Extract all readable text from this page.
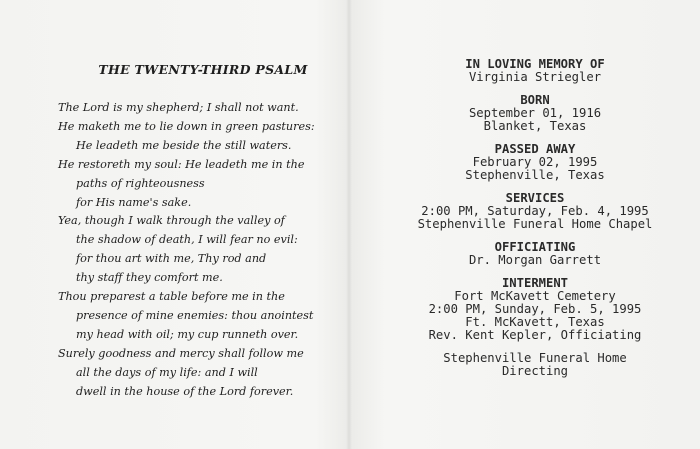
THE TWENTY-THIRD PSALM
The Lord is my shepherd; I shall not want.
He maketh me to lie down in green pastures:
He leadeth me beside the still waters.
He restoreth my soul: He leadeth me in the
paths of righteousness
for His name's sake.
Yea, though I walk through the valley of
the shadow of death, I will fear no evil:
for thou art with me, Thy rod and
thy staff they comfort me.
Thou preparest a table before me in the
presence of mine enemies: thou anointest
my head with oil; my cup runneth over.
Surely goodness and mercy shall follow me
all the days of my life: and I will
dwell in the house of the Lord forever.
IN LOVING MEMORY OF
Virginia Striegler
BORN
September 01, 1916
Blanket, Texas
PASSED AWAY
February 02, 1995
Stephenville, Texas
SERVICES
2:00 PM, Saturday, Feb. 4, 1995
Stephenville Funeral Home Chapel
OFFICIATING
Dr. Morgan Garrett
INTERMENT
Fort McKavett Cemetery
2:00 PM, Sunday, Feb. 5, 1995
Ft. McKavett, Texas
Rev. Kent Kepler, Officiating
Stephenville Funeral Home
Directing
